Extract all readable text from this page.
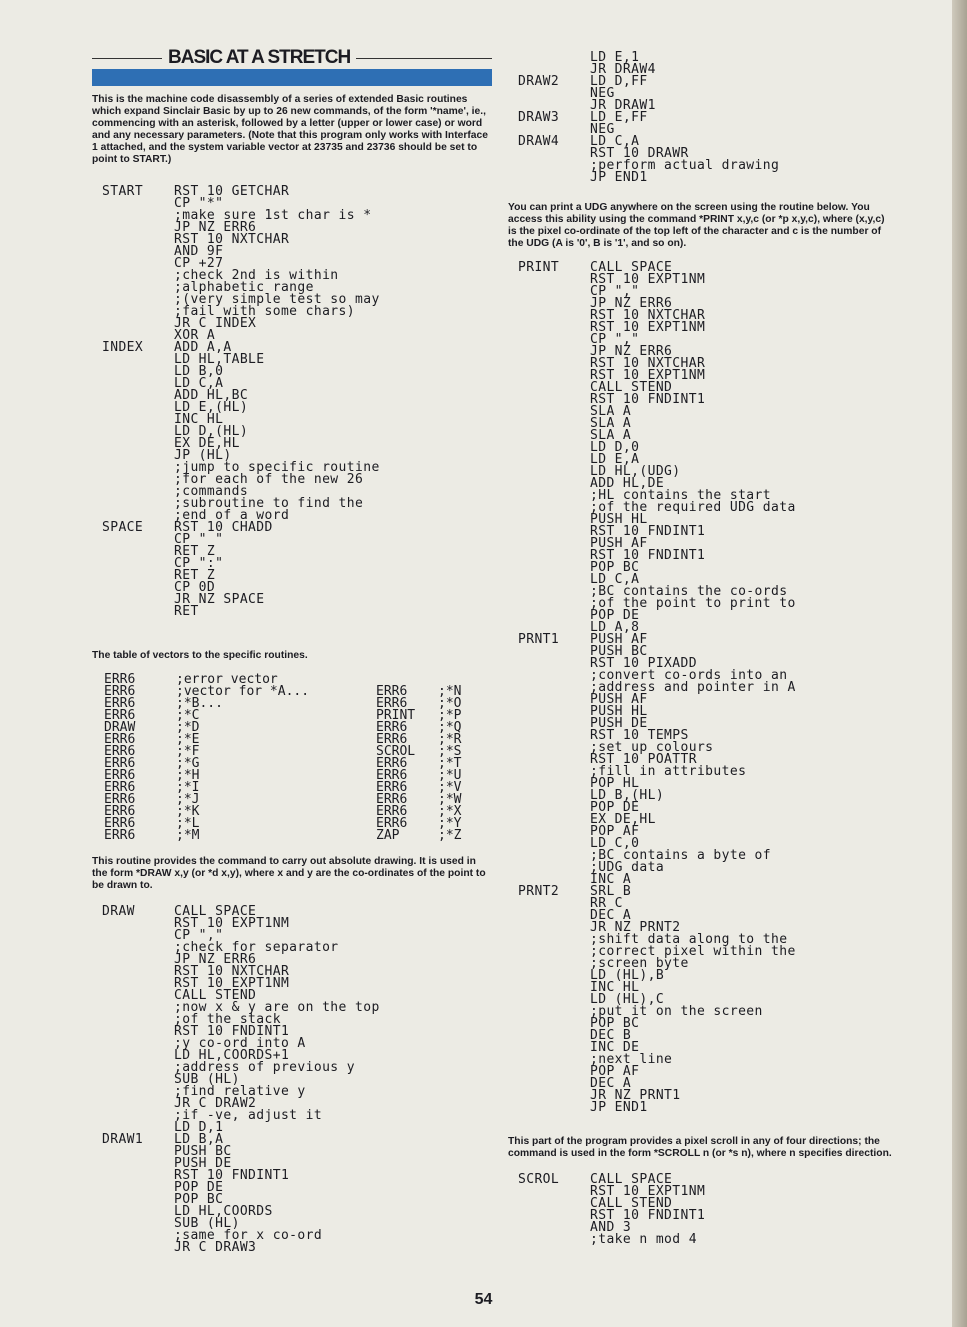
BASIC AT A STRETCH

This is the machine code disassembly of a series of extended Basic routines which expand Sinclair Basic by up to 26 new commands, of the form '*name', ie., commencing with an asterisk, followed by a letter (upper or lower case) or word and any necessary parameters. (Note that this program only works with Interface 1 attached, and the system variable vector at 23735 and 23736 should be set to point to START.)

START RST 10 GETCHAR
CP "*"
;make sure 1st char is *
JP NZ ERR6
RST 10 NXTCHAR
AND 9F
CP +27
;check 2nd is within
;alphabetic range
;(very simple test so may
;fail with some chars)
JR C INDEX
XOR A
INDEX ADD A,A
LD HL,TABLE
LD B,0
LD C,A
ADD HL,BC
LD E,(HL)
INC HL
LD D,(HL)
EX DE,HL
JP (HL)
;jump to specific routine
;for each of the new 26
;commands
;subroutine to find the
;end of a word
SPACE RST 10 CHADD
CP " "
RET Z
CP ":"
RET Z
CP 0D
JR NZ SPACE
RET

The table of vectors to the specific routines.

ERR6	;error vector
ERR6	;vector for *A...	ERR6 ;*N
ERR6	;*B...	ERR6 ;*O
ERR6	;*C	PRINT ;*P
DRAW	;*D	ERR6 ;*Q
ERR6	;*E	ERR6 ;*R
ERR6	;*F	SCROL ;*S
ERR6	;*G	ERR6 ;*T
ERR6	;*H	ERR6 ;*U
ERR6	;*I	ERR6 ;*V
ERR6	;*J	ERR6 ;*W
ERR6	;*K	ERR6 ;*X
ERR6	;*L	ERR6 ;*Y
ERR6	;*M	ZAP	;*Z

This routine provides the command to carry out absolute drawing. It is used in the form *DRAW x,y (or *d x,y), where x and y are the co-ordinates of the point to be drawn to.

DRAW	CALL SPACE
RST 10 EXPT1NM
CP ","
;check for separator
JP NZ ERR6
RST 10 NXTCHAR
RST 10 EXPT1NM
CALL STEND
;now x & y are on the top
;of the stack
RST 10 FNDINT1
;y co-ord into A
LD HL,COORDS+1
;address of previous y
SUB (HL)
;find relative y
JR C DRAW2
;if -ve, adjust it
LD D,1
DRAW1 LD B,A
PUSH BC
PUSH DE
RST 10 FNDINT1
POP DE
POP BC
LD HL,COORDS
SUB (HL)
;same for x co-ord
JR C DRAW3
LD E,1
JR DRAW4
DRAW2 LD D,FF
NEG
JR DRAW1
DRAW3 LD E,FF
NEG
DRAW4 LD C,A
RST 10 DRAWR
;perform actual drawing
JP END1

You can print a UDG anywhere on the screen using the routine below. You access this ability using the command *PRINT x,y,c (or *p x,y,c), where (x,y,c) is the pixel co-ordinate of the top left of the character and c is the number of the UDG (A is '0', B is '1', and so on).

PRINT CALL SPACE
RST 10 EXPT1NM
CP ","
JP NZ ERR6
RST 10 NXTCHAR
RST 10 EXPT1NM
CP ","
JP NZ ERR6
RST 10 NXTCHAR
RST 10 EXPT1NM
CALL STEND
RST 10 FNDINT1
SLA A
SLA A
SLA A
LD D,0
LD E,A
LD HL,(UDG)
ADD HL,DE
;HL contains the start
;of the required UDG data
PUSH HL
RST 10 FNDINT1
PUSH AF
RST 10 FNDINT1
POP BC
LD C,A
;BC contains the co-ords
;of the point to print to
POP DE
LD A,8
PRNT1 PUSH AF
PUSH BC
RST 10 PIXADD
;convert co-ords into an
;address and pointer in A
PUSH AF
PUSH HL
PUSH DE
RST 10 TEMPS
;set up colours
RST 10 POATTR
;fill in attributes
POP HL
LD B,(HL)
POP DE
EX DE,HL
POP AF
LD C,0
;BC contains a byte of
;UDG data
INC A
PRNT2 SRL B
RR C
DEC A
JR NZ PRNT2
;shift data along to the
;correct pixel within the
;screen byte
LD (HL),B
INC HL
LD (HL),C
;put it on the screen
POP BC
DEC B
INC DE
;next line
POP AF
DEC A
JR NZ PRNT1
JP END1

This part of the program provides a pixel scroll in any of four directions; the command is used in the form *SCROLL n (or *s n), where n specifies direction.

SCROL CALL SPACE
RST 10 EXPT1NM
CALL STEND
RST 10 FNDINT1
AND 3
;take n mod 4
54
